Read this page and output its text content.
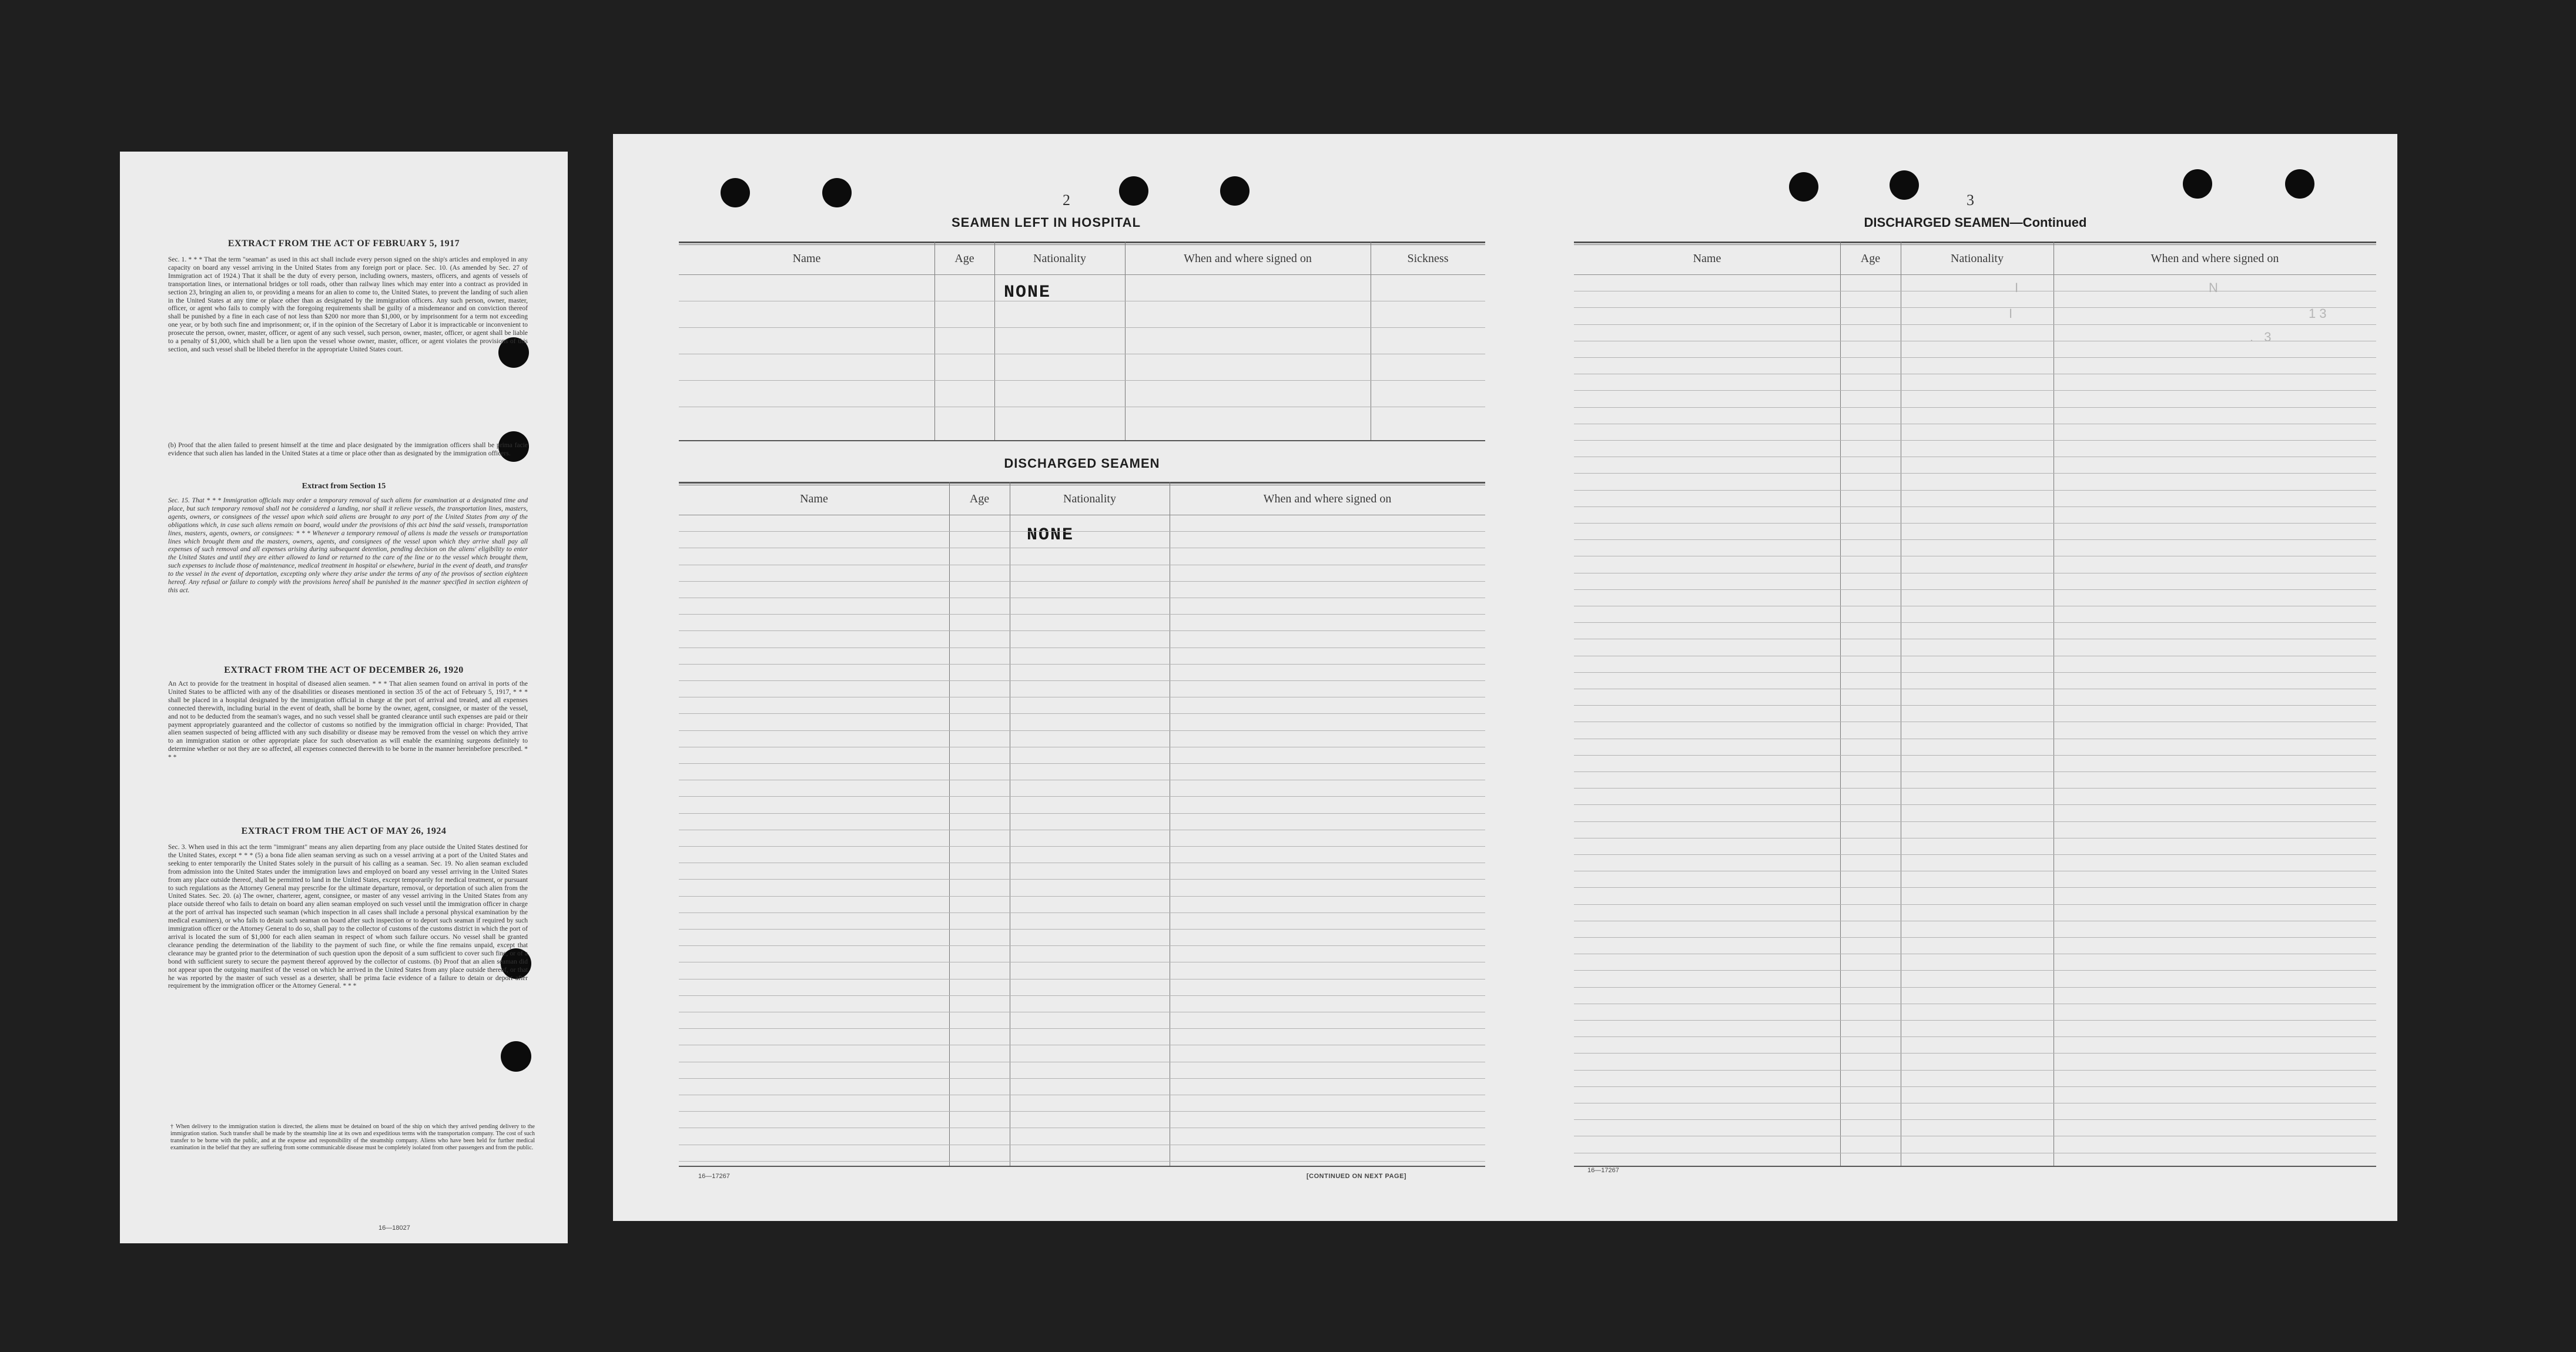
EXTRACT FROM THE ACT OF FEBRUARY 5, 1917

Sec. 1. * * * That the term "seaman" as used in this act shall include every person signed on the ship's articles and employed in any capacity on board any vessel arriving in the United States from any foreign port or place. Sec. 10. (As amended by Sec. 27 of Immigration act of 1924.) That it shall be the duty of every person, including owners, masters, officers, and agents of vessels of transportation lines, or international bridges or toll roads, other than railway lines which may enter into a contract as provided in section 23, bringing an alien to, or providing a means for an alien to come to, the United States, to prevent the landing of such alien in the United States at any time or place other than as designated by the immigration officers. Any such person, owner, master, officer, or agent who fails to comply with the foregoing requirements shall be guilty of a misdemeanor and on conviction thereof shall be punished by a fine in each case of not less than $200 nor more than $1,000, or by imprisonment for a term not exceeding one year, or by both such fine and imprisonment; or, if in the opinion of the Secretary of Labor it is impracticable or inconvenient to prosecute the person, owner, master, officer, or agent of any such vessel, such person, owner, master, officer, or agent shall be liable to a penalty of $1,000, which shall be a lien upon the vessel whose owner, master, officer, or agent violates the provisions of this section, and such vessel shall be libeled therefor in the appropriate United States court.

(b) Proof that the alien failed to present himself at the time and place designated by the immigration officers shall be prima facie evidence that such alien has landed in the United States at a time or place other than as designated by the immigration officers.

Extract from Section 15

Sec. 15. That * * * Immigration officials may order a temporary removal of such aliens for examination at a designated time and place, but such temporary removal shall not be considered a landing, nor shall it relieve vessels, the transportation lines, masters, agents, owners, or consignees of the vessel upon which said aliens are brought to any port of the United States from any of the obligations which, in case such aliens remain on board, would under the provisions of this act bind the said vessels, transportation lines, masters, agents, owners, or consignees: * * * Whenever a temporary removal of aliens is made the vessels or transportation lines which brought them and the masters, owners, agents, and consignees of the vessel upon which they arrive shall pay all expenses of such removal and all expenses arising during subsequent detention, pending decision on the aliens' eligibility to enter the United States and until they are either allowed to land or returned to the care of the line or to the vessel which brought them, such expenses to include those of maintenance, medical treatment in hospital or elsewhere, burial in the event of death, and transfer to the vessel in the event of deportation, excepting only where they arise under the terms of any of the provisos of section eighteen hereof. Any refusal or failure to comply with the provisions hereof shall be punished in the manner specified in section eighteen of this act.

EXTRACT FROM THE ACT OF DECEMBER 26, 1920

An Act to provide for the treatment in hospital of diseased alien seamen. * * * That alien seamen found on arrival in ports of the United States to be afflicted with any of the disabilities or diseases mentioned in section 35 of the act of February 5, 1917, * * * shall be placed in a hospital designated by the immigration official in charge at the port of arrival and treated, and all expenses connected therewith, including burial in the event of death, shall be borne by the owner, agent, consignee, or master of the vessel, and not to be deducted from the seaman's wages, and no such vessel shall be granted clearance until such expenses are paid or their payment appropriately guaranteed and the collector of customs so notified by the immigration official in charge: Provided, That alien seamen suspected of being afflicted with any such disability or disease may be removed from the vessel on which they arrive to an immigration station or other appropriate place for such observation as will enable the examining surgeons definitely to determine whether or not they are so affected, all expenses connected therewith to be borne in the manner hereinbefore prescribed. * * *

EXTRACT FROM THE ACT OF MAY 26, 1924

Sec. 3. When used in this act the term "immigrant" means any alien departing from any place outside the United States destined for the United States, except * * * (5) a bona fide alien seaman serving as such on a vessel arriving at a port of the United States and seeking to enter temporarily the United States solely in the pursuit of his calling as a seaman. Sec. 19. No alien seaman excluded from admission into the United States under the immigration laws and employed on board any vessel arriving in the United States from any place outside thereof, shall be permitted to land in the United States, except temporarily for medical treatment, or pursuant to such regulations as the Attorney General may prescribe for the ultimate departure, removal, or deportation of such alien from the United States. Sec. 20. (a) The owner, charterer, agent, consignee, or master of any vessel arriving in the United States from any place outside thereof who fails to detain on board any alien seaman employed on such vessel until the immigration officer in charge at the port of arrival has inspected such seaman (which inspection in all cases shall include a personal physical examination by the medical examiners), or who fails to detain such seaman on board after such inspection or to deport such seaman if required by such immigration officer or the Attorney General to do so, shall pay to the collector of customs of the customs district in which the port of arrival is located the sum of $1,000 for each alien seaman in respect of whom such failure occurs. No vessel shall be granted clearance pending the determination of the liability to the payment of such fine, or while the fine remains unpaid, except that clearance may be granted prior to the determination of such question upon the deposit of a sum sufficient to cover such fine, or of a bond with sufficient surety to secure the payment thereof approved by the collector of customs. (b) Proof that an alien seaman did not appear upon the outgoing manifest of the vessel on which he arrived in the United States from any place outside thereof, or that he was reported by the master of such vessel as a deserter, shall be prima facie evidence of a failure to detain or deport after requirement by the immigration officer or the Attorney General. * * *

† When delivery to the immigration station is directed, the aliens must be detained on board of the ship on which they arrived pending delivery to the immigration station. Such transfer shall be made by the steamship line at its own and expeditious terms with the transportation company. The cost of such transfer to be borne with the public, and at the expense and responsibility of the steamship company. Aliens who have been held for further medical examination in the belief that they are suffering from some communicable disease must be completely isolated from other passengers and from the public.

16—18027
2	3
SEAMEN LEFT IN HOSPITAL
Name	Age	Nationality	When and where signed on	Sickness
NONE
DISCHARGED SEAMEN
Name	Age	Nationality	When and where signed on
NONE
16—17267	[CONTINUED ON NEXT PAGE]
DISCHARGED SEAMEN—Continued
Name	Age	Nationality	When and where signed on
I	N
I	13
. 3
16—17267
